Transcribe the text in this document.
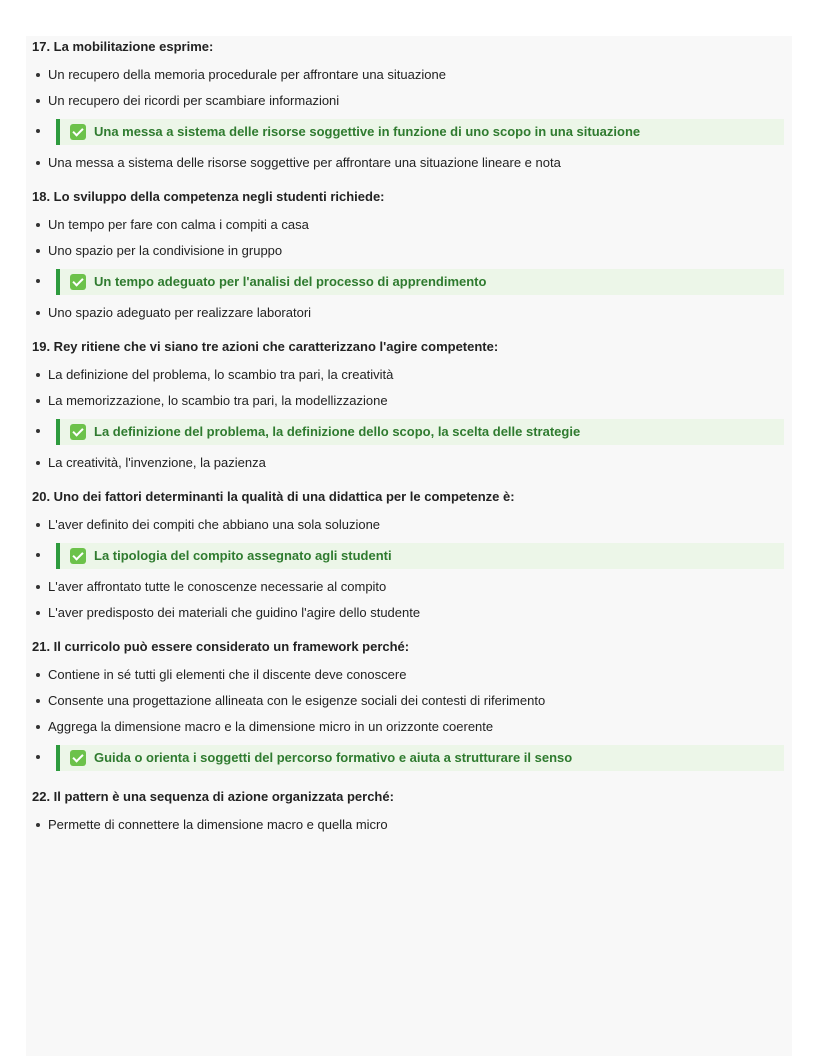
17. La mobilitazione esprime:

Un recupero della memoria procedurale per affrontare una situazione
Un recupero dei ricordi per scambiare informazioni
Una messa a sistema delle risorse soggettive in funzione di uno scopo in una situazione
Una messa a sistema delle risorse soggettive per affrontare una situazione lineare e nota

18. Lo sviluppo della competenza negli studenti richiede:

Un tempo per fare con calma i compiti a casa
Uno spazio per la condivisione in gruppo
Un tempo adeguato per l'analisi del processo di apprendimento
Uno spazio adeguato per realizzare laboratori

19. Rey ritiene che vi siano tre azioni che caratterizzano l'agire competente:

La definizione del problema, lo scambio tra pari, la creatività
La memorizzazione, lo scambio tra pari, la modellizzazione
La definizione del problema, la definizione dello scopo, la scelta delle strategie
La creatività, l'invenzione, la pazienza

20. Uno dei fattori determinanti la qualità di una didattica per le competenze è:

L'aver definito dei compiti che abbiano una sola soluzione
La tipologia del compito assegnato agli studenti
L'aver affrontato tutte le conoscenze necessarie al compito
L'aver predisposto dei materiali che guidino l'agire dello studente

21. Il curricolo può essere considerato un framework perché:

Contiene in sé tutti gli elementi che il discente deve conoscere
Consente una progettazione allineata con le esigenze sociali dei contesti di riferimento
Aggrega la dimensione macro e la dimensione micro in un orizzonte coerente
Guida o orienta i soggetti del percorso formativo e aiuta a strutturare il senso

22. Il pattern è una sequenza di azione organizzata perché:

Permette di connettere la dimensione macro e quella micro
